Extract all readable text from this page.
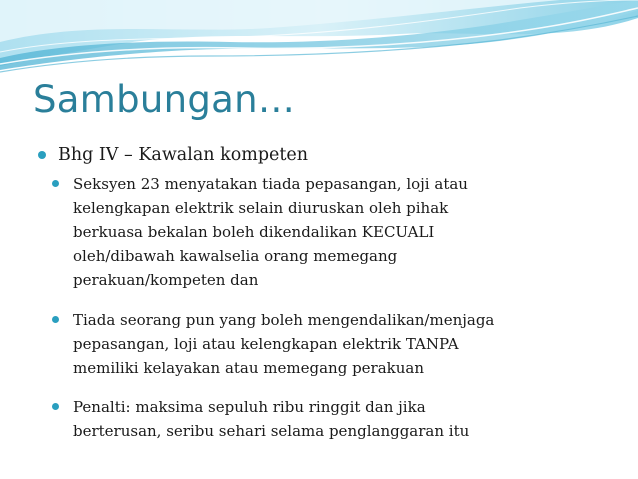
Sambungan…
Bhg IV – Kawalan kompeten
Seksyen 23 menyatakan tiada pepasangan, loji atau
kelengkapan elektrik selain diuruskan oleh pihak
berkuasa bekalan boleh dikendalikan KECUALI
oleh/dibawah kawalselia orang memegang
perakuan/kompeten dan
Tiada seorang pun yang boleh mengendalikan/menjaga
pepasangan, loji atau kelengkapan elektrik TANPA
memiliki kelayakan atau memegang perakuan
Penalti: maksima sepuluh ribu ringgit dan jika
berterusan, seribu sehari selama penglanggaran itu
